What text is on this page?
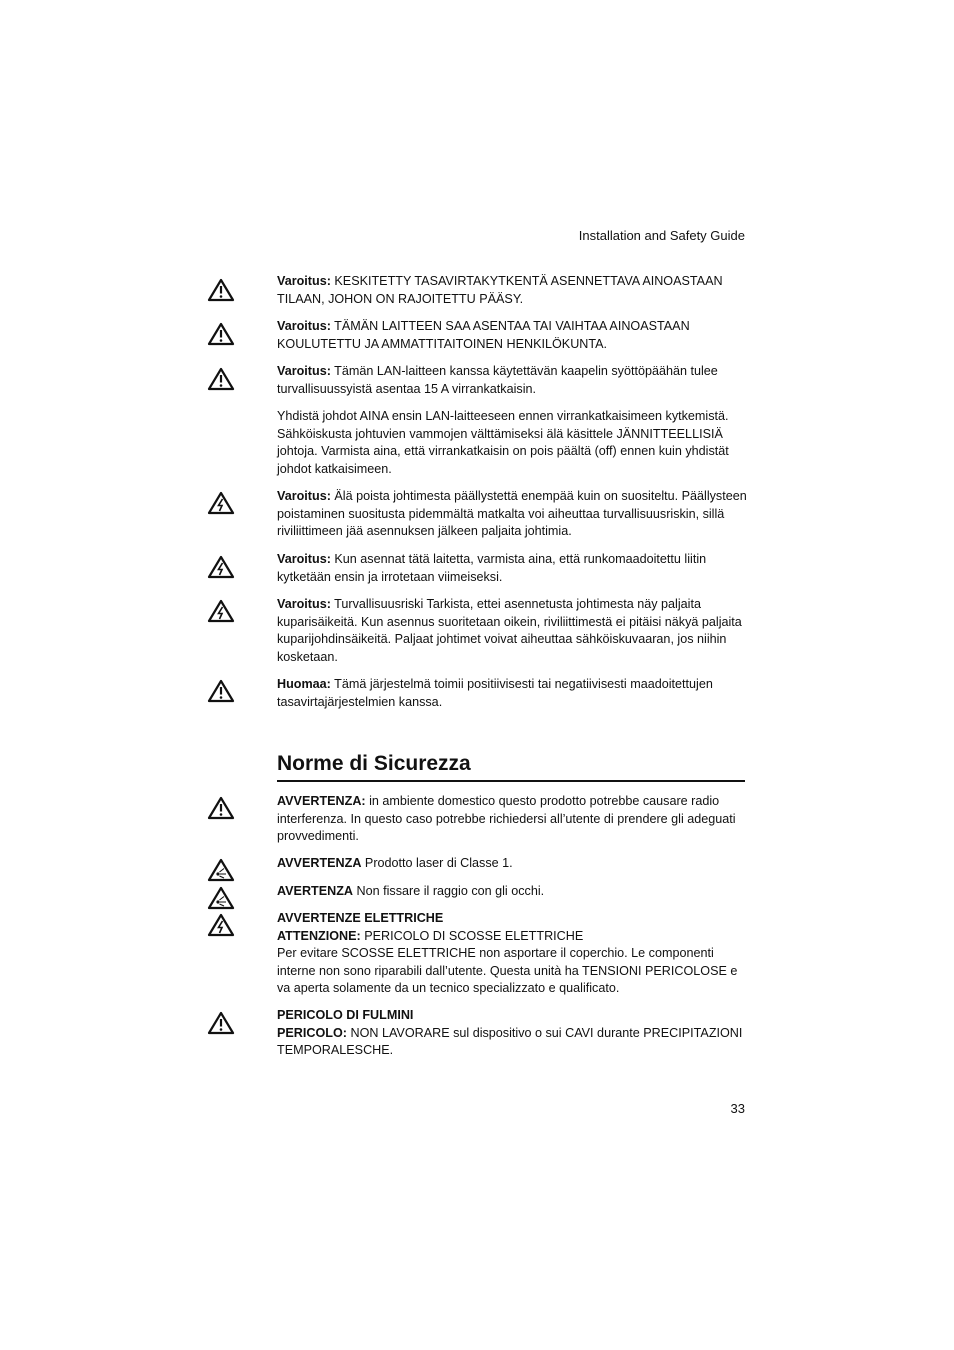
Installation and Safety Guide
Varoitus: KESKITETTY TASAVIRTAKYTKENTÄ ASENNETTAVA AINOASTAAN TILAAN, JOHON ON RAJOITETTU PÄÄSY.
Varoitus: TÄMÄN LAITTEEN SAA ASENTAA TAI VAIHTAA AINOASTAAN KOULUTETTU JA AMMATTITAITOINEN HENKILÖKUNTA.
Varoitus: Tämän LAN-laitteen kanssa käytettävän kaapelin syöttöpäähän tulee turvallisuussyistä asentaa 15 A virrankatkaisin.
Yhdistä johdot AINA ensin LAN-laitteeseen ennen virrankatkaisimeen kytkemistä. Sähköiskusta johtuvien vammojen välttämiseksi älä käsittele JÄNNITTEELLISIÄ johtoja. Varmista aina, että virrankatkaisin on pois päältä (off) ennen kuin yhdistät johdot katkaisimeen.
Varoitus: Älä poista johtimesta päällystettä enempää kuin on suositeltu. Päällysteen poistaminen suositusta pidemmältä matkalta voi aiheuttaa turvallisuusriskin, sillä riviliittimeen jää asennuksen jälkeen paljaita johtimia.
Varoitus: Kun asennat tätä laitetta, varmista aina, että runkomaadoitettu liitin kytketään ensin ja irrotetaan viimeiseksi.
Varoitus: Turvallisuusriski Tarkista, ettei asennetusta johtimesta näy paljaita kuparisäikeitä. Kun asennus suoritetaan oikein, riviliittimestä ei pitäisi näkyä paljaita kuparijohdinsäikeitä. Paljaat johtimet voivat aiheuttaa sähköiskuvaaran, jos niihin kosketaan.
Huomaa: Tämä järjestelmä toimii positiivisesti tai negatiivisesti maadoitettujen tasavirtajärjestelmien kanssa.
Norme di Sicurezza
AVVERTENZA: in ambiente domestico questo prodotto potrebbe causare radio interferenza. In questo caso potrebbe richiedersi all’utente di prendere gli adeguati provvedimenti.
AVVERTENZA Prodotto laser di Classe 1.
AVERTENZA Non fissare il raggio con gli occhi.
AVVERTENZE ELETTRICHE
ATTENZIONE: PERICOLO DI SCOSSE ELETTRICHE
Per evitare SCOSSE ELETTRICHE non asportare il coperchio. Le componenti interne non sono riparabili dall’utente. Questa unità ha TENSIONI PERICOLOSE e va aperta solamente da un tecnico specializzato e qualificato.
PERICOLO DI FULMINI
PERICOLO: NON LAVORARE sul dispositivo o sui CAVI durante PRECIPITAZIONI TEMPORALESCHE.
33
